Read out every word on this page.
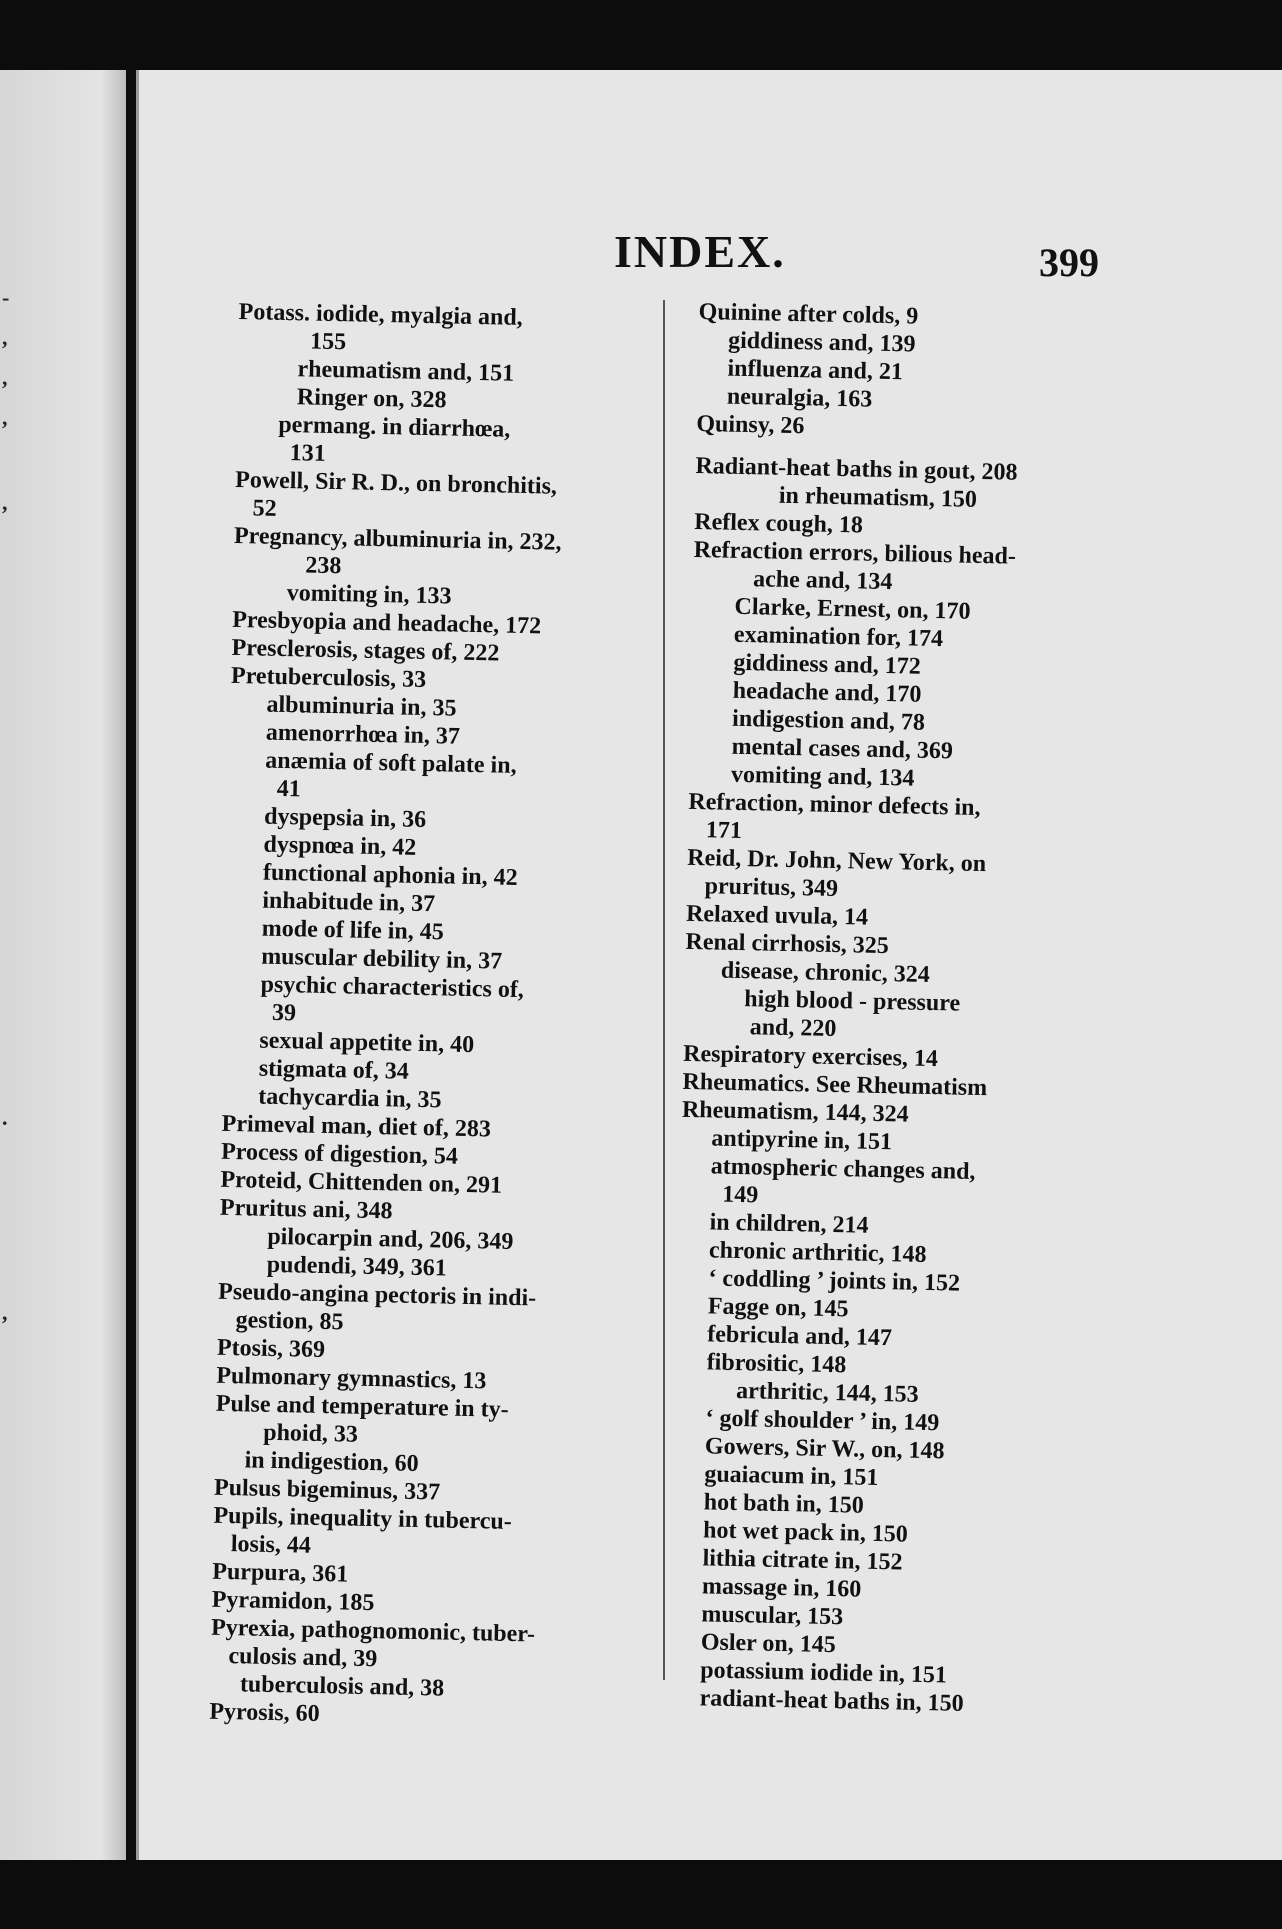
-
,
,
,
,
.
,
INDEX.	399
Potass. iodide, myalgia and,
155
rheumatism and, 151
Ringer on, 328
permang. in diarrhœa,
131
Powell, Sir R. D., on bronchitis,
52
Pregnancy, albuminuria in, 232,
238
vomiting in, 133
Presbyopia and headache, 172
Presclerosis, stages of, 222
Pretuberculosis, 33
albuminuria in, 35
amenorrhœa in, 37
anæmia of soft palate in,
41
dyspepsia in, 36
dyspnœa in, 42
functional aphonia in, 42
inhabitude in, 37
mode of life in, 45
muscular debility in, 37
psychic characteristics of,
39
sexual appetite in, 40
stigmata of, 34
tachycardia in, 35
Primeval man, diet of, 283
Process of digestion, 54
Proteid, Chittenden on, 291
Pruritus ani, 348
pilocarpin and, 206, 349
pudendi, 349, 361
Pseudo-angina pectoris in indi-
gestion, 85
Ptosis, 369
Pulmonary gymnastics, 13
Pulse and temperature in ty-
phoid, 33
in indigestion, 60
Pulsus bigeminus, 337
Pupils, inequality in tubercu-
losis, 44
Purpura, 361
Pyramidon, 185
Pyrexia, pathognomonic, tuber-
culosis and, 39
tuberculosis and, 38
Pyrosis, 60
Quinine after colds, 9
giddiness and, 139
influenza and, 21
neuralgia, 163
Quinsy, 26
Radiant-heat baths in gout, 208
in rheumatism, 150
Reflex cough, 18
Refraction errors, bilious head-
ache and, 134
Clarke, Ernest, on, 170
examination for, 174
giddiness and, 172
headache and, 170
indigestion and, 78
mental cases and, 369
vomiting and, 134
Refraction, minor defects in,
171
Reid, Dr. John, New York, on
pruritus, 349
Relaxed uvula, 14
Renal cirrhosis, 325
disease, chronic, 324
high blood - pressure
and, 220
Respiratory exercises, 14
Rheumatics. See Rheumatism
Rheumatism, 144, 324
antipyrine in, 151
atmospheric changes and,
149
in children, 214
chronic arthritic, 148
‘ coddling ’ joints in, 152
Fagge on, 145
febricula and, 147
fibrositic, 148
arthritic, 144, 153
‘ golf shoulder ’ in, 149
Gowers, Sir W., on, 148
guaiacum in, 151
hot bath in, 150
hot wet pack in, 150
lithia citrate in, 152
massage in, 160
muscular, 153
Osler on, 145
potassium iodide in, 151
radiant-heat baths in, 150
